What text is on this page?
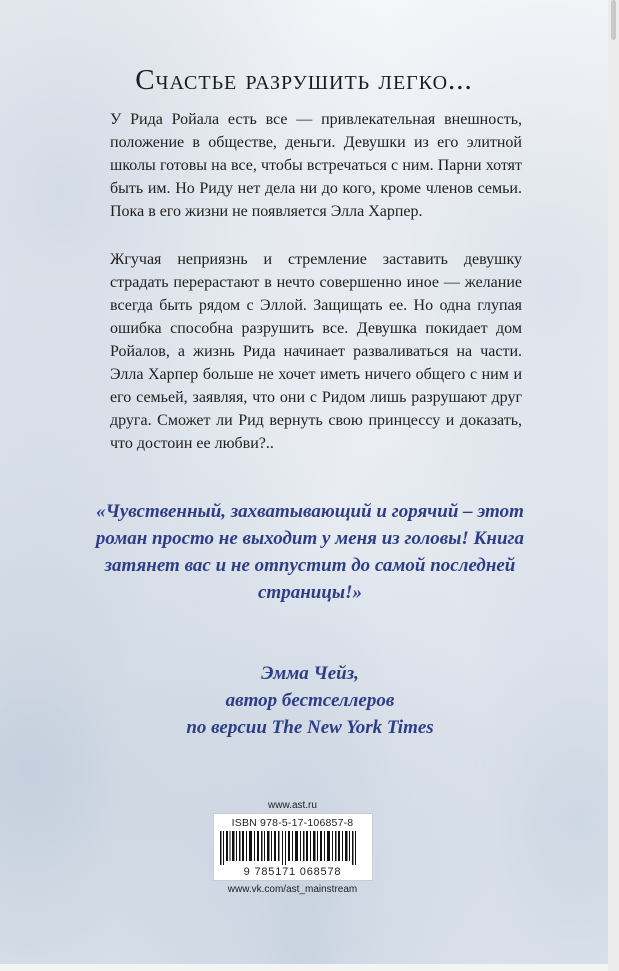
Счастье разрушить легко...

У Рида Ройала есть все — привлекательная внешность, положение в обществе, деньги. Девушки из его элитной школы готовы на все, чтобы встречаться с ним. Парни хотят быть им. Но Риду нет дела ни до кого, кроме членов семьи. Пока в его жизни не появляется Элла Харпер.

Жгучая неприязнь и стремление заставить девушку страдать перерастают в нечто совершенно иное — желание всегда быть рядом с Эллой. Защищать ее. Но одна глупая ошибка способна разрушить все. Девушка покидает дом Ройалов, а жизнь Рида начинает разваливаться на части. Элла Харпер больше не хочет иметь ничего общего с ним и его семьей, заявляя, что они с Ридом лишь разрушают друг друга. Сможет ли Рид вернуть свою принцессу и доказать, что достоин ее любви?..

«Чувственный, захватывающий и горячий – этот роман просто не выходит у меня из головы! Книга затянет вас и не отпустит до самой последней страницы!»

Эмма Чейз,
автор бестселлеров
по версии The New York Times
www.ast.ru
ISBN 978-5-17-106857-8
9 785171 068578
www.vk.com/ast_mainstream
